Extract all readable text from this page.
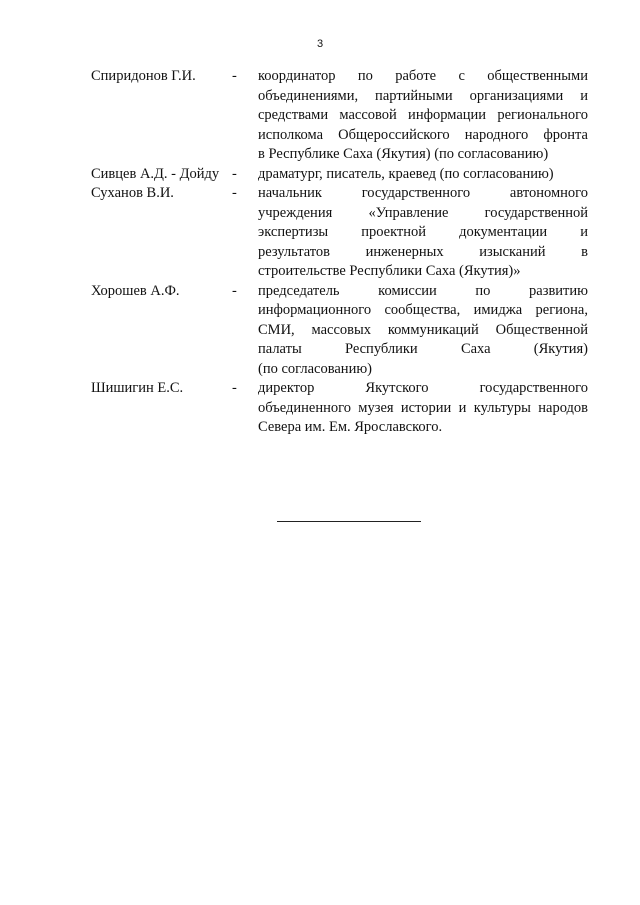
3
Спиридонов Г.И. - координатор по работе с общественными
объединениями, партийными организациями и
средствами массовой информации регионального
исполкома Общероссийского народного фронта
в Республике Саха (Якутия) (по согласованию)
Сивцев А.Д. - Дойду - драматург, писатель, краевед (по согласованию)
Суханов В.И.	- начальник государственного автономного
учреждения «Управление государственной
экспертизы проектной документации и
результатов инженерных изысканий в
строительстве Республики Саха (Якутия)»
Хорошев А.Ф.	- председатель комиссии по развитию
информационного сообщества, имиджа региона,
СМИ, массовых коммуникаций Общественной
палаты Республики Саха (Якутия)
(по согласованию)
Шишигин Е.С.	- директор Якутского государственного
объединенного музея истории и культуры народов
Севера им. Ем. Ярославского.
